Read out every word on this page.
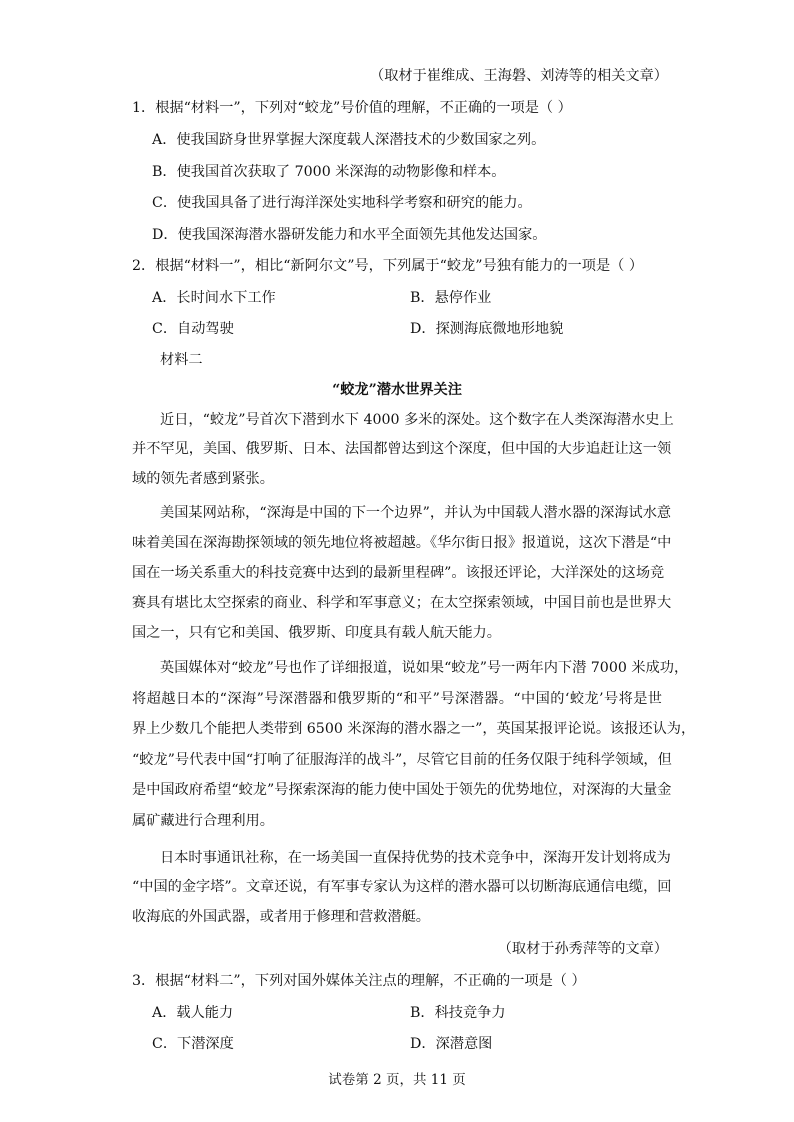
（取材于崔维成、王海磐、刘涛等的相关文章）
1．根据“材料一”，下列对“蛟龙”号价值的理解，不正确的一项是（ ）
A．使我国跻身世界掌握大深度载人深潜技术的少数国家之列。
B．使我国首次获取了 7000 米深海的动物影像和样本。
C．使我国具备了进行海洋深处实地科学考察和研究的能力。
D．使我国深海潜水器研发能力和水平全面领先其他发达国家。
2．根据“材料一”，相比“新阿尔文”号，下列属于“蛟龙”号独有能力的一项是（ ）
A．长时间水下工作	B．悬停作业
C．自动驾驶	D．探测海底微地形地貌
材料二
“蛟龙”潜水世界关注
近日，“蛟龙”号首次下潜到水下 4000 多米的深处。这个数字在人类深海潜水史上
并不罕见，美国、俄罗斯、日本、法国都曾达到这个深度，但中国的大步追赶让这一领
域的领先者感到紧张。
美国某网站称，“深海是中国的下一个边界”，并认为中国载人潜水器的深海试水意
味着美国在深海勘探领域的领先地位将被超越。《华尔街日报》报道说，这次下潜是“中
国在一场关系重大的科技竞赛中达到的最新里程碑”。该报还评论，大洋深处的这场竞
赛具有堪比太空探索的商业、科学和军事意义；在太空探索领域，中国目前也是世界大
国之一，只有它和美国、俄罗斯、印度具有载人航天能力。
英国媒体对“蛟龙”号也作了详细报道，说如果“蛟龙”号一两年内下潜 7000 米成功，
将超越日本的“深海”号深潜器和俄罗斯的“和平”号深潜器。“中国的‘蛟龙’号将是世
界上少数几个能把人类带到 6500 米深海的潜水器之一”，英国某报评论说。该报还认为，
“蛟龙”号代表中国“打响了征服海洋的战斗”，尽管它目前的任务仅限于纯科学领域，但
是中国政府希望“蛟龙”号探索深海的能力使中国处于领先的优势地位，对深海的大量金
属矿藏进行合理利用。
日本时事通讯社称，在一场美国一直保持优势的技术竞争中，深海开发计划将成为
“中国的金字塔”。文章还说，有军事专家认为这样的潜水器可以切断海底通信电缆，回
收海底的外国武器，或者用于修理和营救潜艇。
（取材于孙秀萍等的文章）
3．根据“材料二”，下列对国外媒体关注点的理解，不正确的一项是（ ）
A．载人能力	B．科技竞争力
C．下潜深度	D．深潜意图
试卷第 2 页，共 11 页
